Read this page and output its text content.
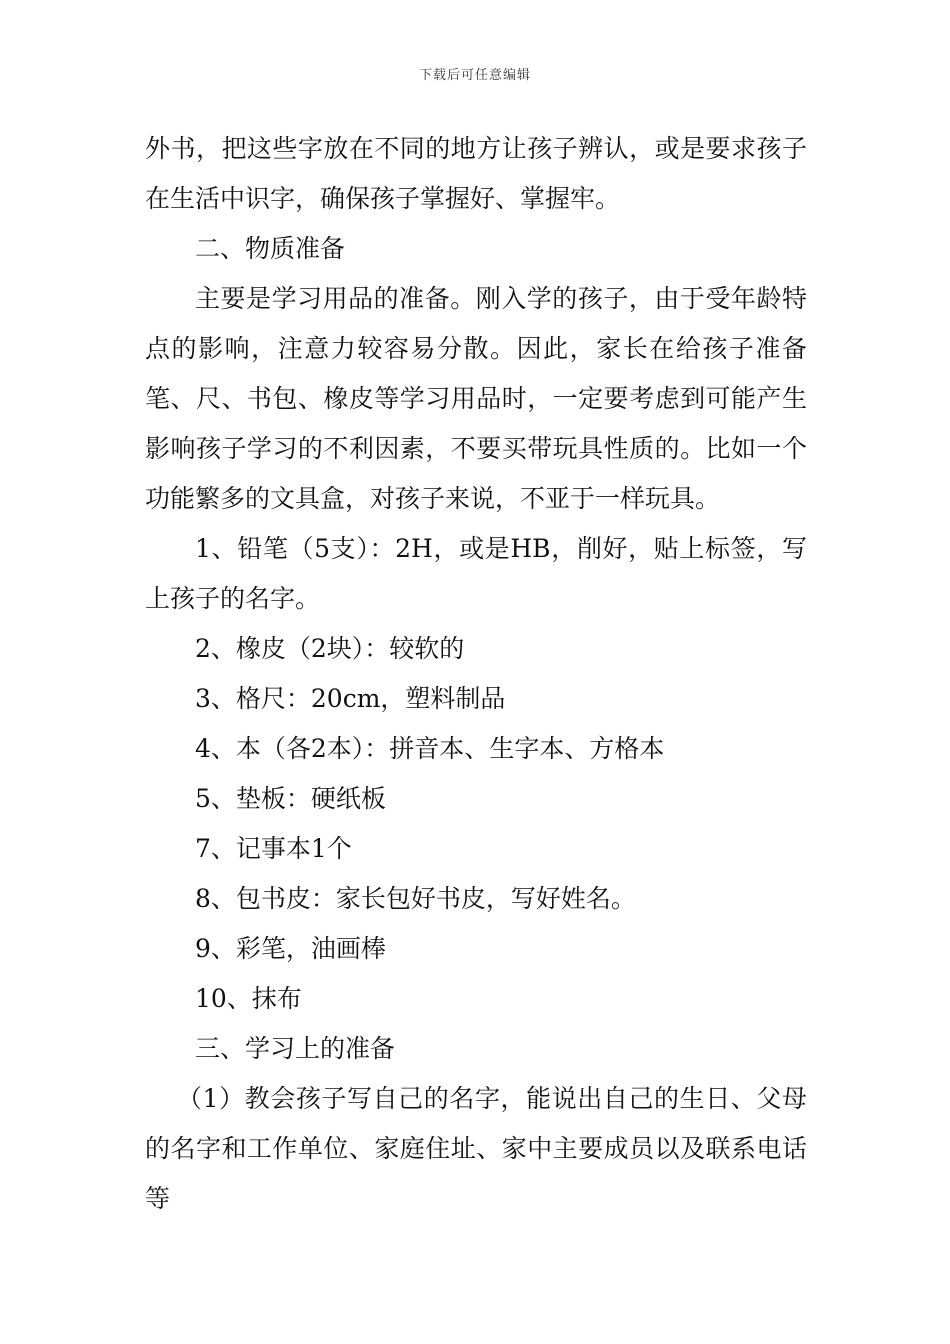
下载后可任意编辑

外书，把这些字放在不同的地方让孩子辨认，或是要求孩子在生活中识字，确保孩子掌握好、掌握牢。

二、物质准备

主要是学习用品的准备。刚入学的孩子，由于受年龄特点的影响，注意力较容易分散。因此，家长在给孩子准备笔、尺、书包、橡皮等学习用品时，一定要考虑到可能产生影响孩子学习的不利因素，不要买带玩具性质的。比如一个功能繁多的文具盒，对孩子来说，不亚于一样玩具。

1、铅笔（5支）：2H，或是HB，削好，贴上标签，写上孩子的名字。

2、橡皮（2块）：较软的

3、格尺：20cm，塑料制品

4、本（各2本）：拼音本、生字本、方格本

5、垫板：硬纸板

7、记事本1个

8、包书皮：家长包好书皮，写好姓名。

9、彩笔，油画棒

10、抹布

三、学习上的准备

（1）教会孩子写自己的名字，能说出自己的生日、父母的名字和工作单位、家庭住址、家中主要成员以及联系电话等
